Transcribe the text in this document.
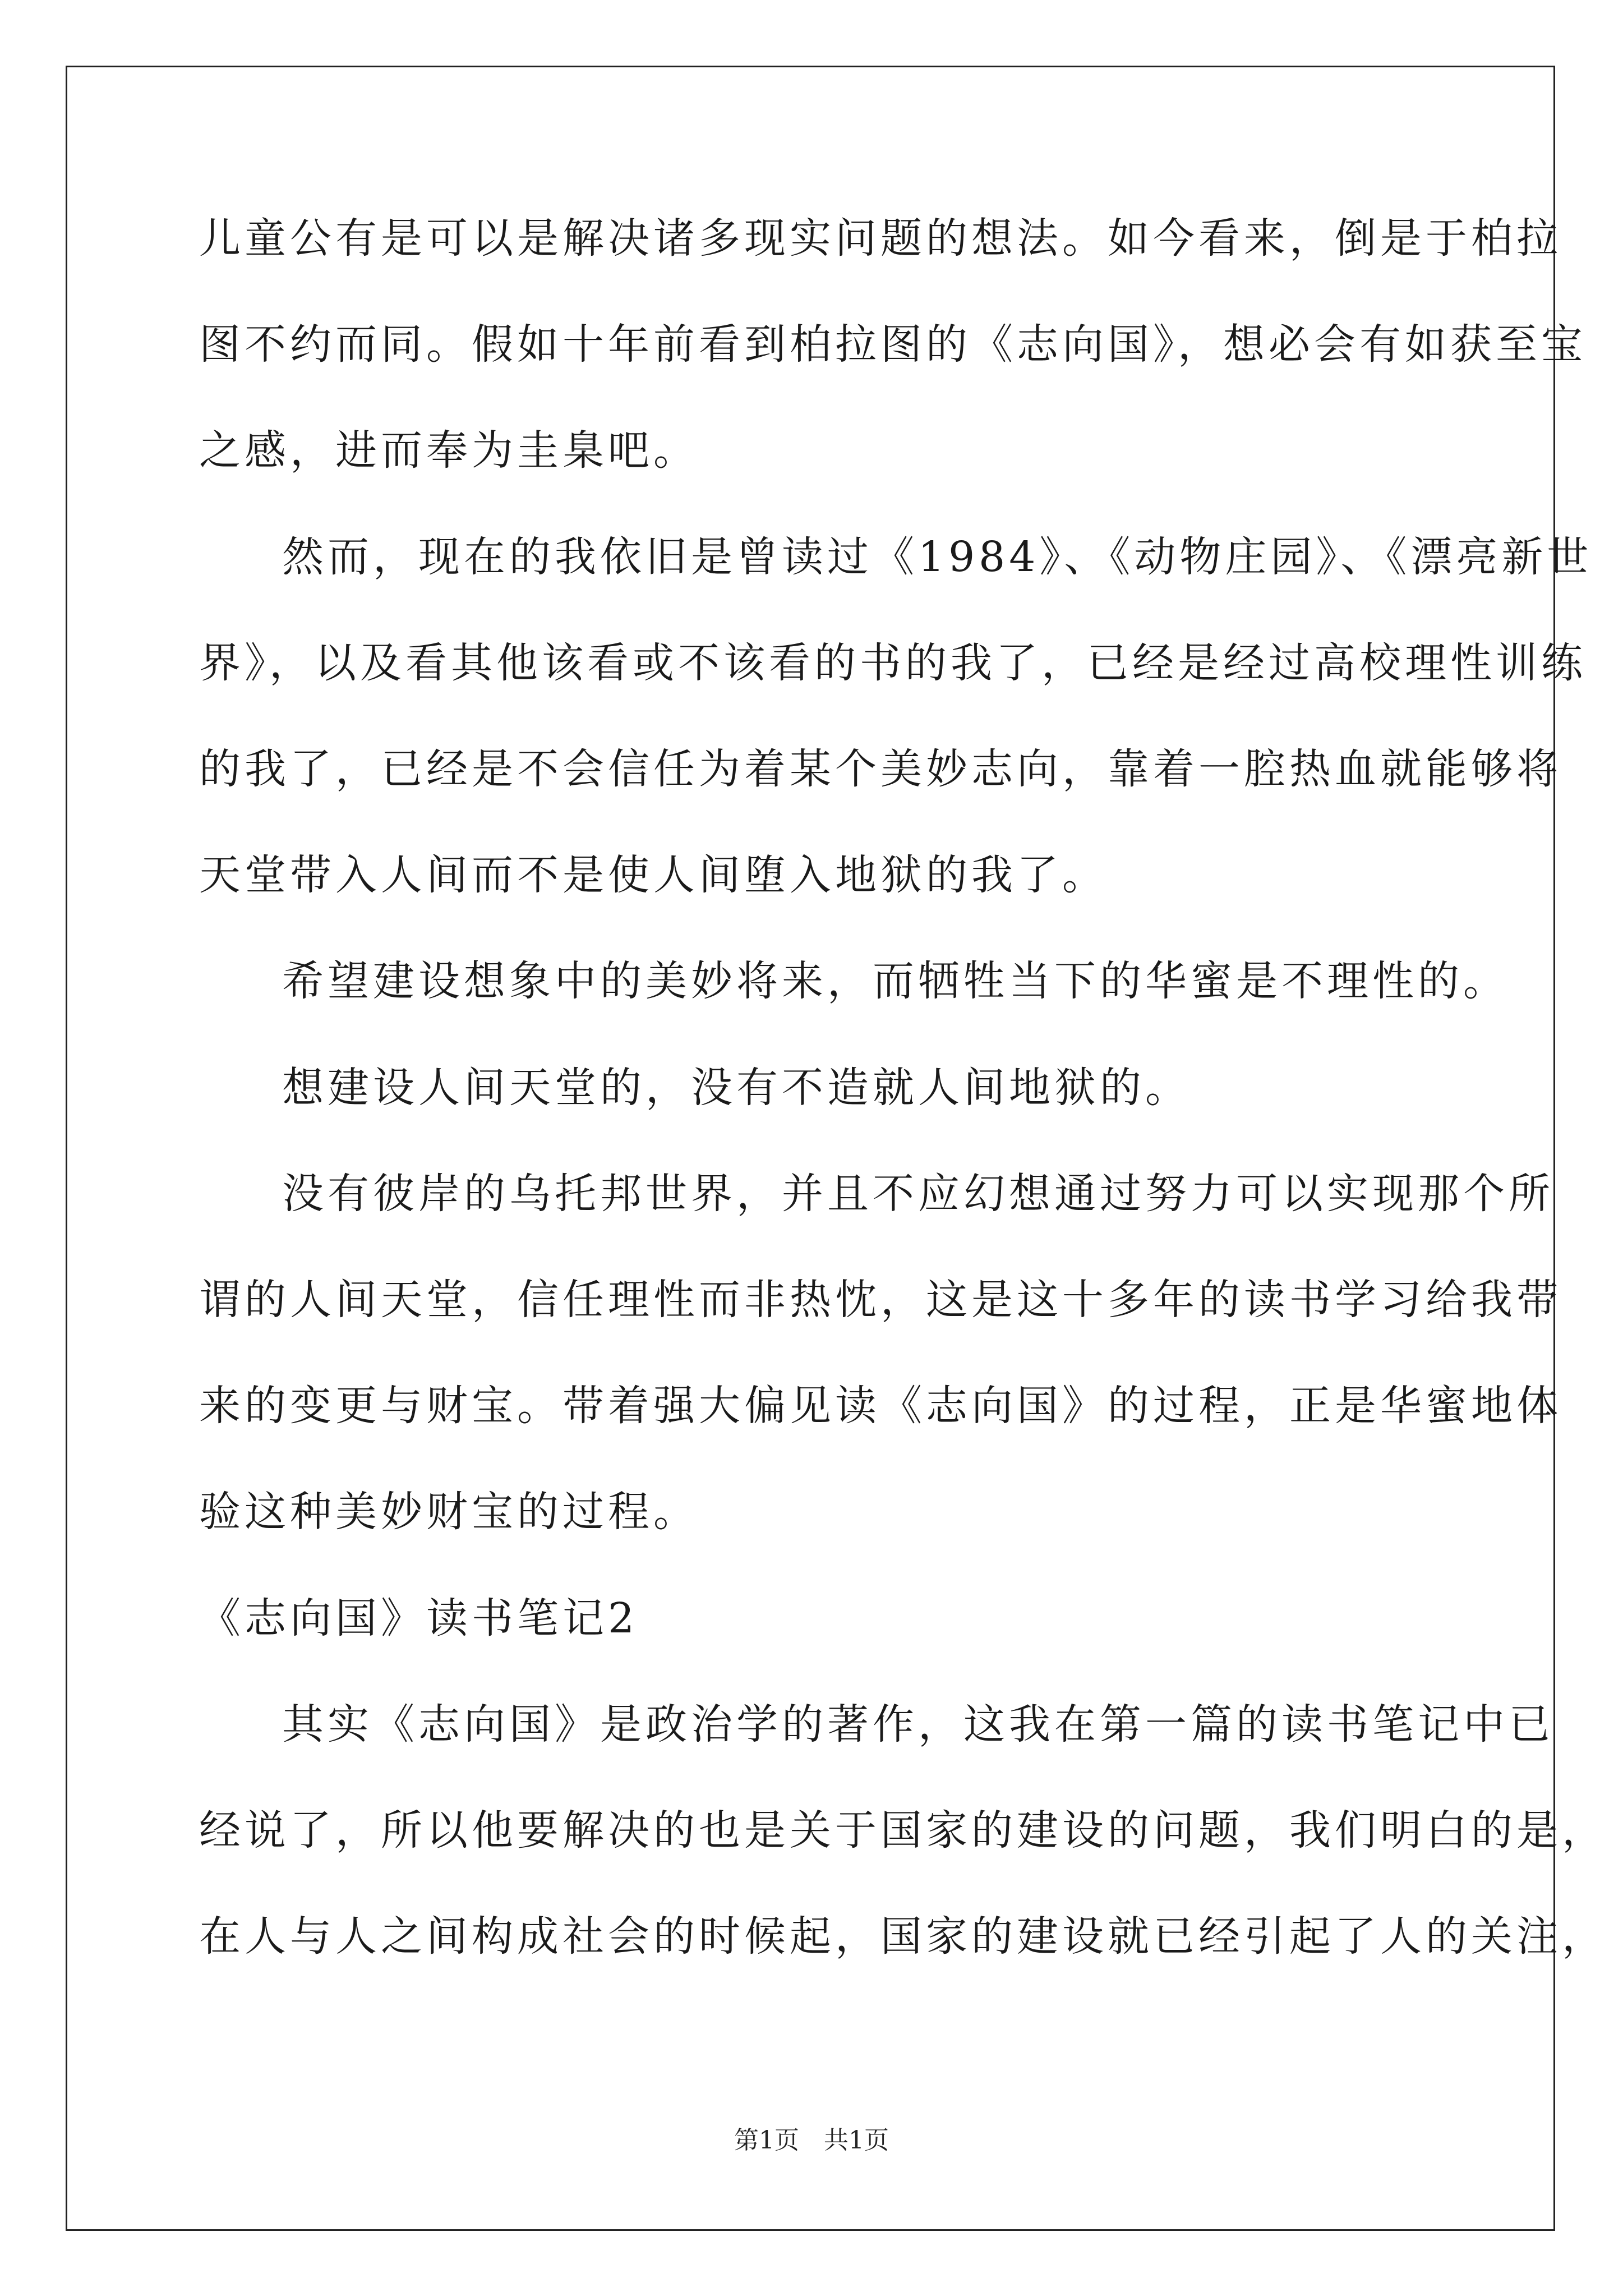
儿童公有是可以是解决诸多现实问题的想法。如今看来，倒是于柏拉
图不约而同。假如十年前看到柏拉图的《志向国》，想必会有如获至宝
之感，进而奉为圭臬吧。
然而，现在的我依旧是曾读过《1984》、《动物庄园》、《漂亮新世
界》，以及看其他该看或不该看的书的我了，已经是经过高校理性训练
的我了，已经是不会信任为着某个美妙志向，靠着一腔热血就能够将
天堂带入人间而不是使人间堕入地狱的我了。
希望建设想象中的美妙将来，而牺牲当下的华蜜是不理性的。
想建设人间天堂的，没有不造就人间地狱的。
没有彼岸的乌托邦世界，并且不应幻想通过努力可以实现那个所
谓的人间天堂，信任理性而非热忱，这是这十多年的读书学习给我带
来的变更与财宝。带着强大偏见读《志向国》的过程，正是华蜜地体
验这种美妙财宝的过程。
《志向国》读书笔记2
其实《志向国》是政治学的著作，这我在第一篇的读书笔记中已
经说了，所以他要解决的也是关于国家的建设的问题，我们明白的是，
在人与人之间构成社会的时候起，国家的建设就已经引起了人的关注，
第1页　共1页
